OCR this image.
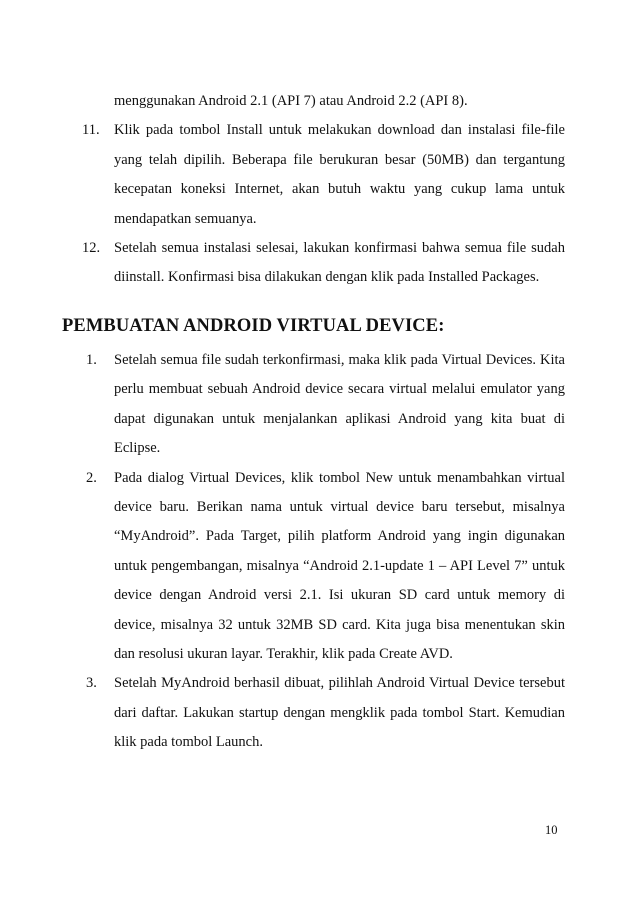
menggunakan Android 2.1 (API 7) atau Android 2.2 (API 8).
11. Klik pada tombol Install untuk melakukan download dan instalasi file-file yang telah dipilih. Beberapa file berukuran besar (50MB) dan tergantung kecepatan koneksi Internet, akan butuh waktu yang cukup lama untuk mendapatkan semuanya.
12. Setelah semua instalasi selesai, lakukan konfirmasi bahwa semua file sudah diinstall. Konfirmasi bisa dilakukan dengan klik pada Installed Packages.
PEMBUATAN ANDROID VIRTUAL DEVICE:
1. Setelah semua file sudah terkonfirmasi, maka klik pada Virtual Devices. Kita perlu membuat sebuah Android device secara virtual melalui emulator yang dapat digunakan untuk menjalankan aplikasi Android yang kita buat di Eclipse.
2. Pada dialog Virtual Devices, klik tombol New untuk menambahkan virtual device baru. Berikan nama untuk virtual device baru tersebut, misalnya “MyAndroid”. Pada Target, pilih platform Android yang ingin digunakan untuk pengembangan, misalnya “Android 2.1-update 1 – API Level 7” untuk device dengan Android versi 2.1. Isi ukuran SD card untuk memory di device, misalnya 32 untuk 32MB SD card. Kita juga bisa menentukan skin dan resolusi ukuran layar. Terakhir, klik pada Create AVD.
3. Setelah MyAndroid berhasil dibuat, pilihlah Android Virtual Device tersebut dari daftar. Lakukan startup dengan mengklik pada tombol Start. Kemudian klik pada tombol Launch.
10
